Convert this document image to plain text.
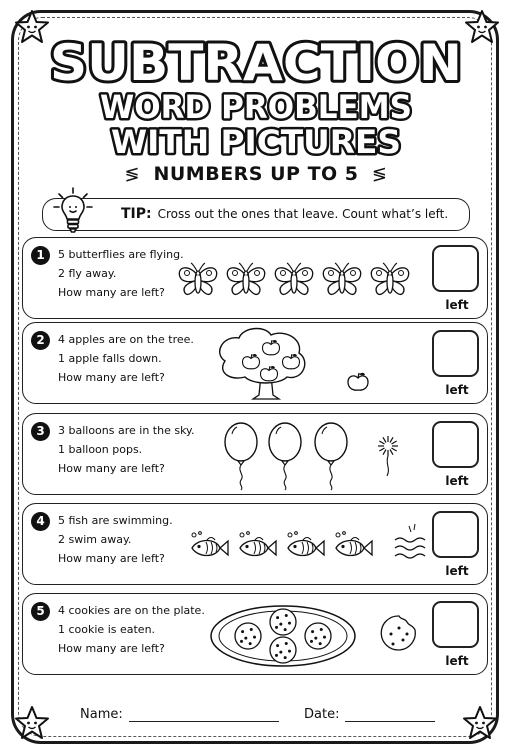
SUBTRACTION
WORD PROBLEMS
WITH PICTURES
≶  NUMBERS UP TO 5  ≶
TIP: Cross out the ones that leave. Count what’s left.
1	5 butterflies are flying.
2 fly away.
How many are left?
left
2	4 apples are on the tree.
1 apple falls down.
How many are left?
left
3	3 balloons are in the sky.
1 balloon pops.
How many are left?
left
4	5 fish are swimming.
2 swim away.
How many are left?
left
5	4 cookies are on the plate.
1 cookie is eaten.
How many are left?
left
Name:	Date:
